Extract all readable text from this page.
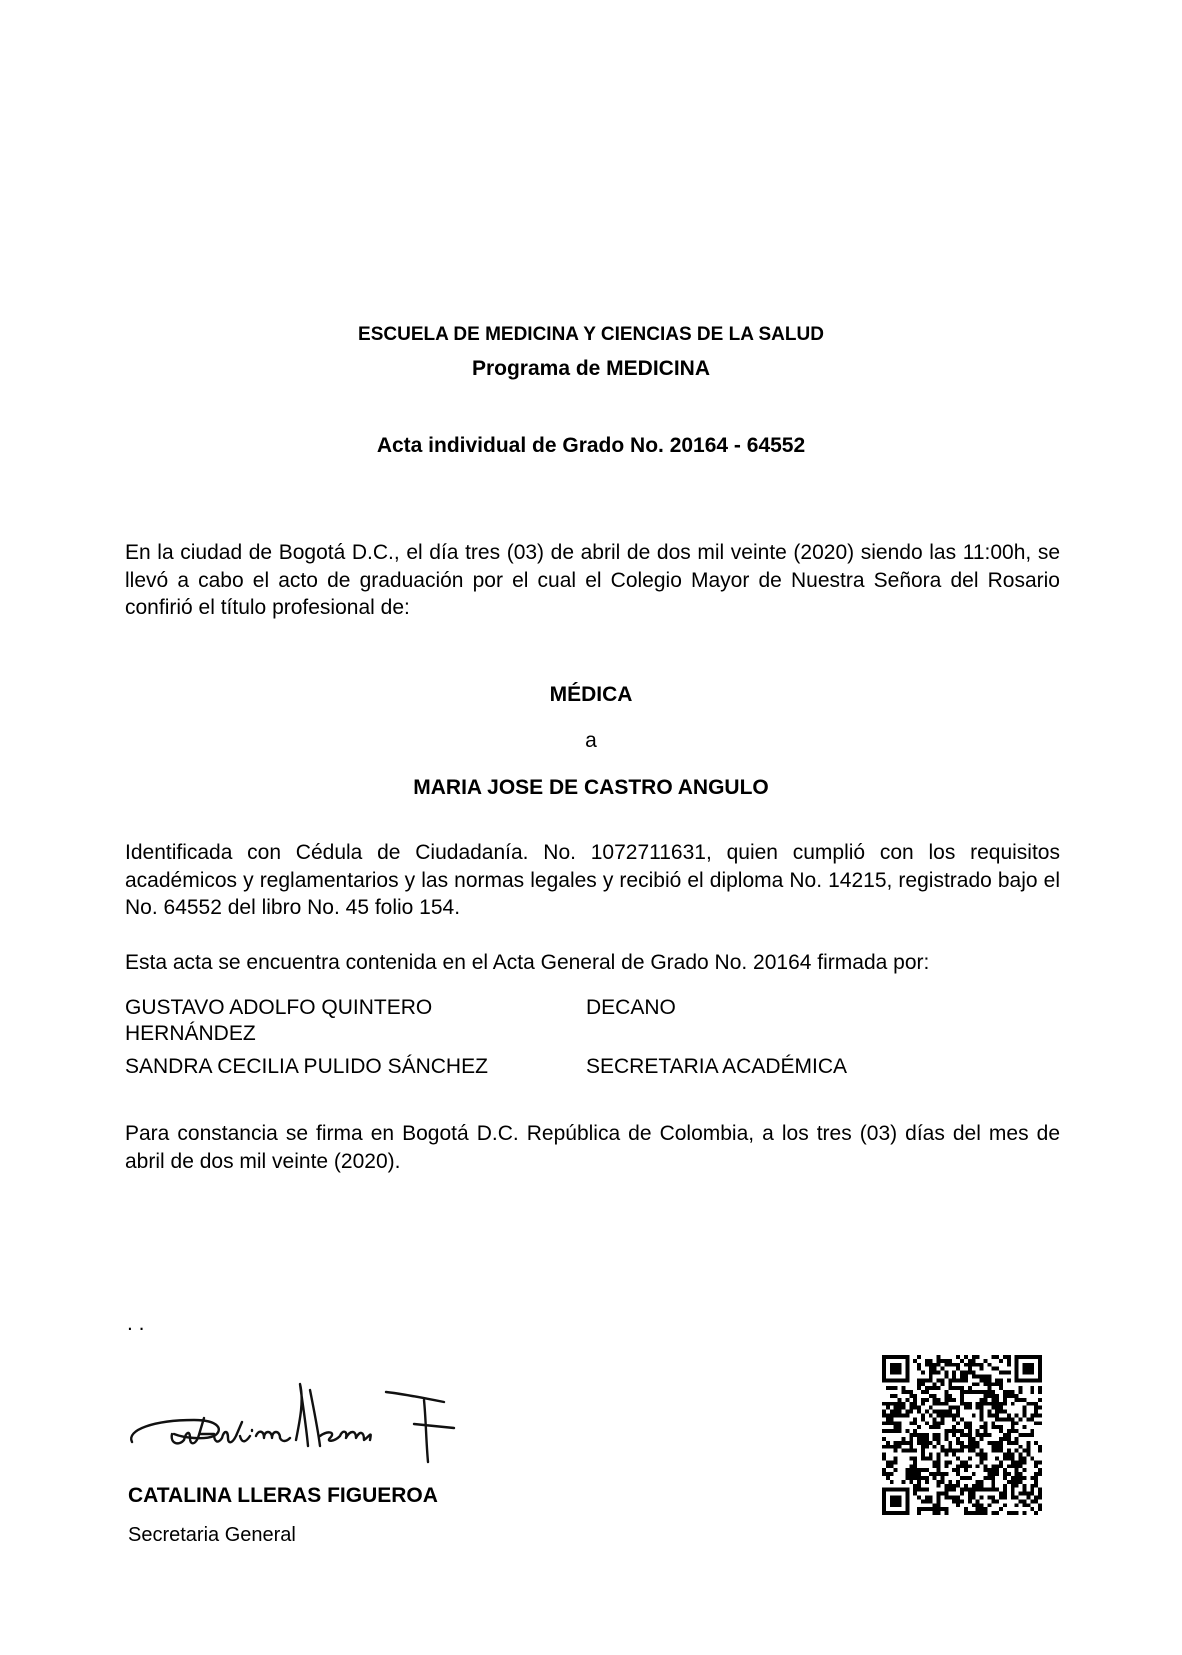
ESCUELA DE MEDICINA Y CIENCIAS DE LA SALUD
Programa de MEDICINA
Acta individual de Grado No. 20164 - 64552
En la ciudad de Bogotá D.C., el día tres (03) de abril de dos mil veinte (2020) siendo las 11:00h, se llevó a cabo el acto de graduación por el cual el Colegio Mayor de Nuestra Señora del Rosario confirió el título profesional de:
MÉDICA
a
MARIA JOSE DE CASTRO ANGULO
Identificada con Cédula de Ciudadanía. No. 1072711631, quien cumplió con los requisitos académicos y reglamentarios y las normas legales y recibió el diploma No. 14215, registrado bajo el No. 64552 del libro No. 45 folio 154.
Esta acta se encuentra contenida en el Acta General de Grado No. 20164 firmada por:
GUSTAVO ADOLFO QUINTERO
HERNÁNDEZ
DECANO
SANDRA CECILIA PULIDO SÁNCHEZ	SECRETARIA ACADÉMICA
Para constancia se firma en Bogotá D.C. República de Colombia, a los tres (03) días del mes de abril de dos mil veinte (2020).
. .
CATALINA LLERAS FIGUEROA
Secretaria General
